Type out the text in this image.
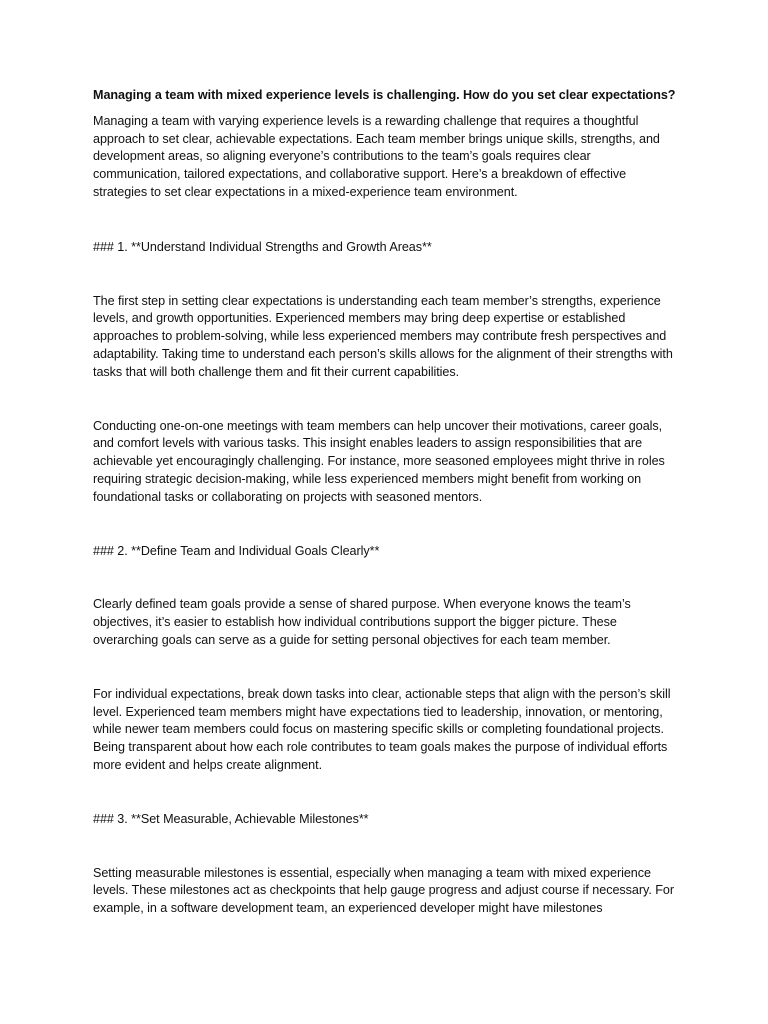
Managing a team with mixed experience levels is challenging. How do you set clear expectations?

Managing a team with varying experience levels is a rewarding challenge that requires a thoughtful approach to set clear, achievable expectations. Each team member brings unique skills, strengths, and development areas, so aligning everyone’s contributions to the team’s goals requires clear communication, tailored expectations, and collaborative support. Here’s a breakdown of effective strategies to set clear expectations in a mixed-experience team environment.

### 1. **Understand Individual Strengths and Growth Areas**

The first step in setting clear expectations is understanding each team member’s strengths, experience levels, and growth opportunities. Experienced members may bring deep expertise or established approaches to problem-solving, while less experienced members may contribute fresh perspectives and adaptability. Taking time to understand each person’s skills allows for the alignment of their strengths with tasks that will both challenge them and fit their current capabilities.

Conducting one-on-one meetings with team members can help uncover their motivations, career goals, and comfort levels with various tasks. This insight enables leaders to assign responsibilities that are achievable yet encouragingly challenging. For instance, more seasoned employees might thrive in roles requiring strategic decision-making, while less experienced members might benefit from working on foundational tasks or collaborating on projects with seasoned mentors.

### 2. **Define Team and Individual Goals Clearly**

Clearly defined team goals provide a sense of shared purpose. When everyone knows the team’s objectives, it’s easier to establish how individual contributions support the bigger picture. These overarching goals can serve as a guide for setting personal objectives for each team member.

For individual expectations, break down tasks into clear, actionable steps that align with the person’s skill level. Experienced team members might have expectations tied to leadership, innovation, or mentoring, while newer team members could focus on mastering specific skills or completing foundational projects. Being transparent about how each role contributes to team goals makes the purpose of individual efforts more evident and helps create alignment.

### 3. **Set Measurable, Achievable Milestones**

Setting measurable milestones is essential, especially when managing a team with mixed experience levels. These milestones act as checkpoints that help gauge progress and adjust course if necessary. For example, in a software development team, an experienced developer might have milestones
